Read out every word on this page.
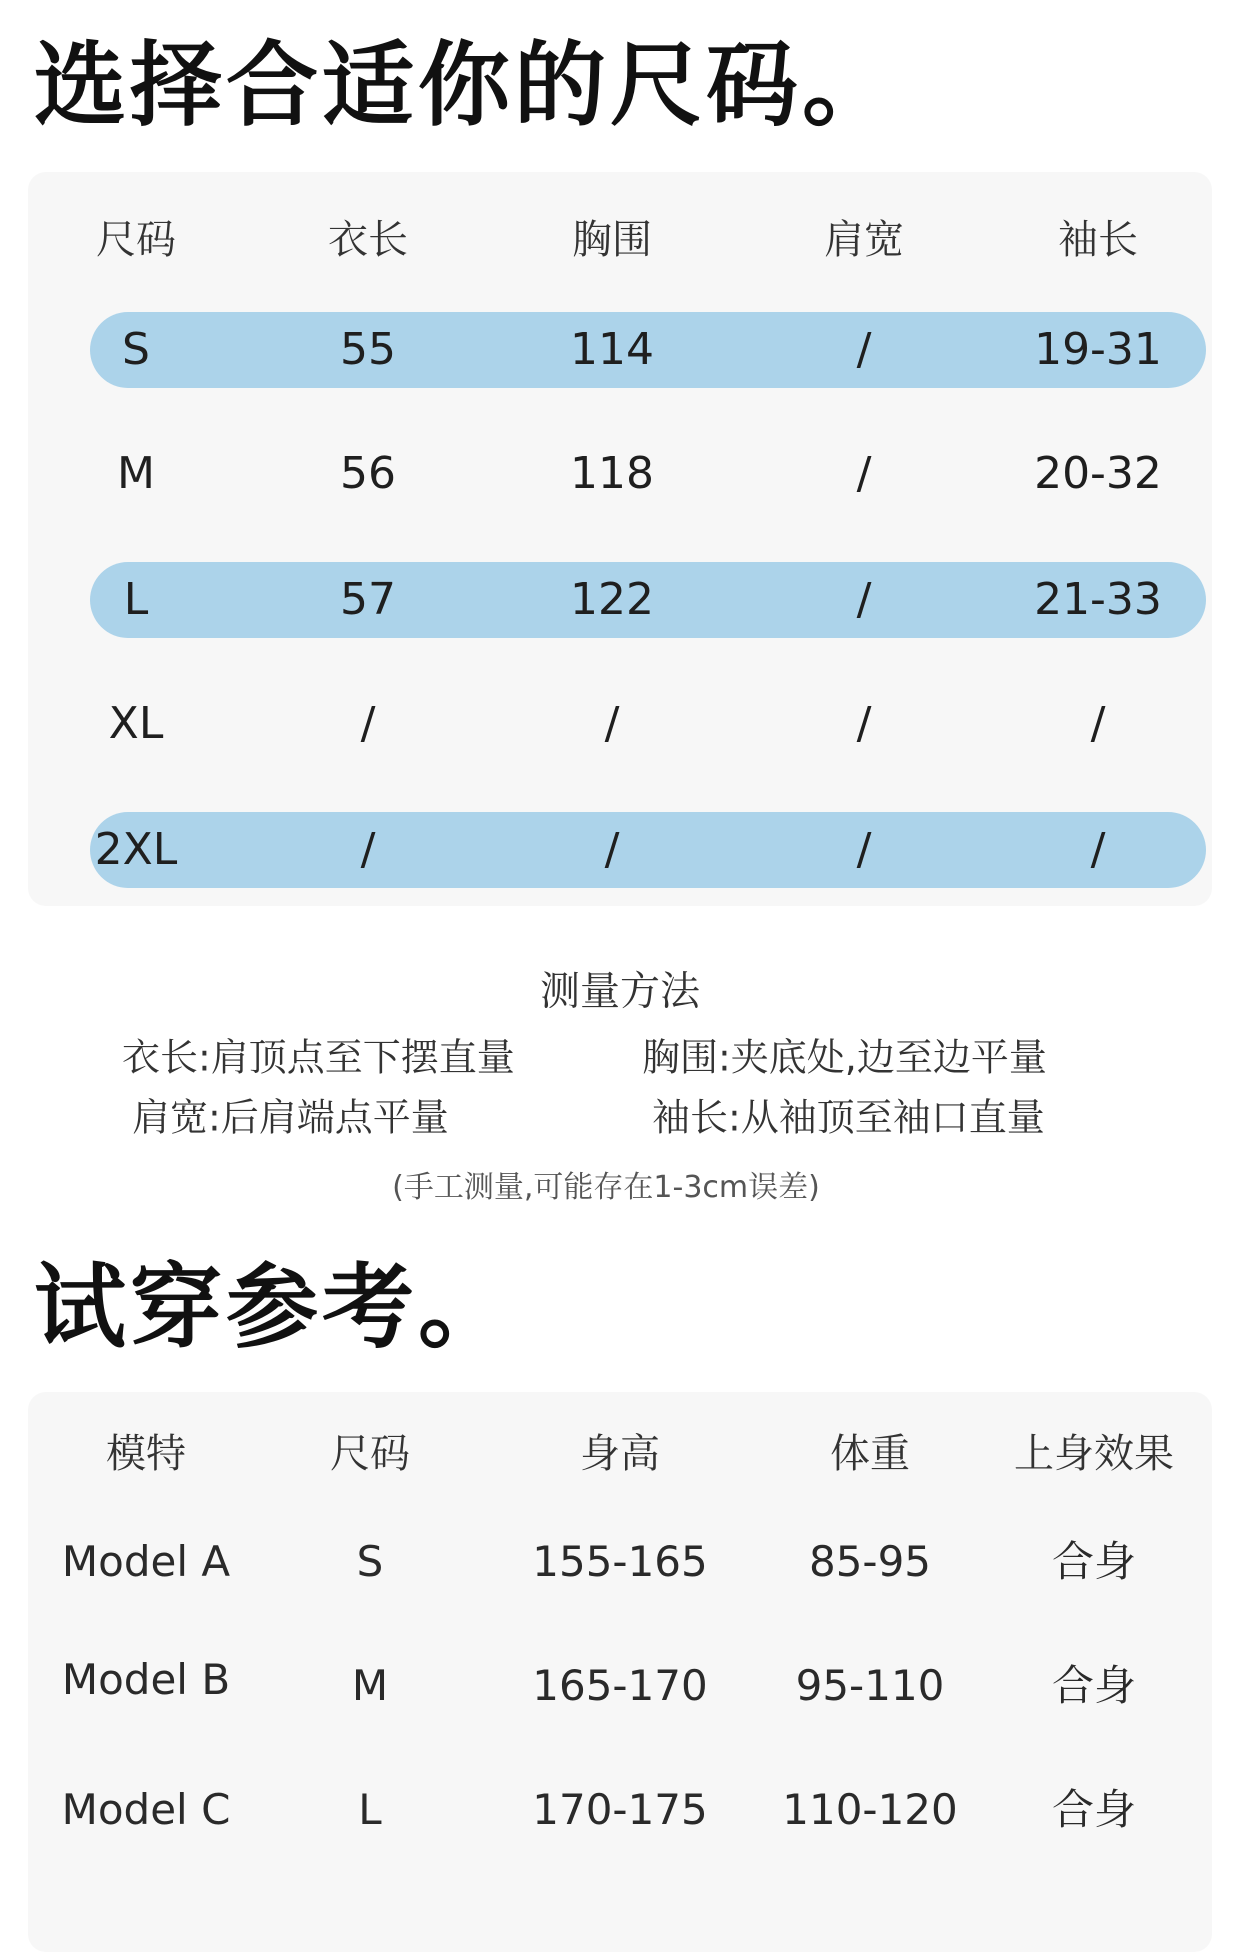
选择合适你的尺码。
尺码	衣长	胸围	肩宽	袖长
S	55	114	/	19-31
M	56	118	/	20-32
L	57	122	/	21-33
XL	/	/	/	/
2XL	/	/	/	/
测量方法
衣长:肩顶点至下摆直量	胸围:夹底处,边至边平量
肩宽:后肩端点平量	袖长:从袖顶至袖口直量
(手工测量,可能存在1-3cm误差)
试穿参考。
模特	尺码	身高	体重	上身效果
Model A	S	155-165 85-95	合身
Model B	M	165-170 95-110	合身
Model C	L	170-175 110-120 合身
